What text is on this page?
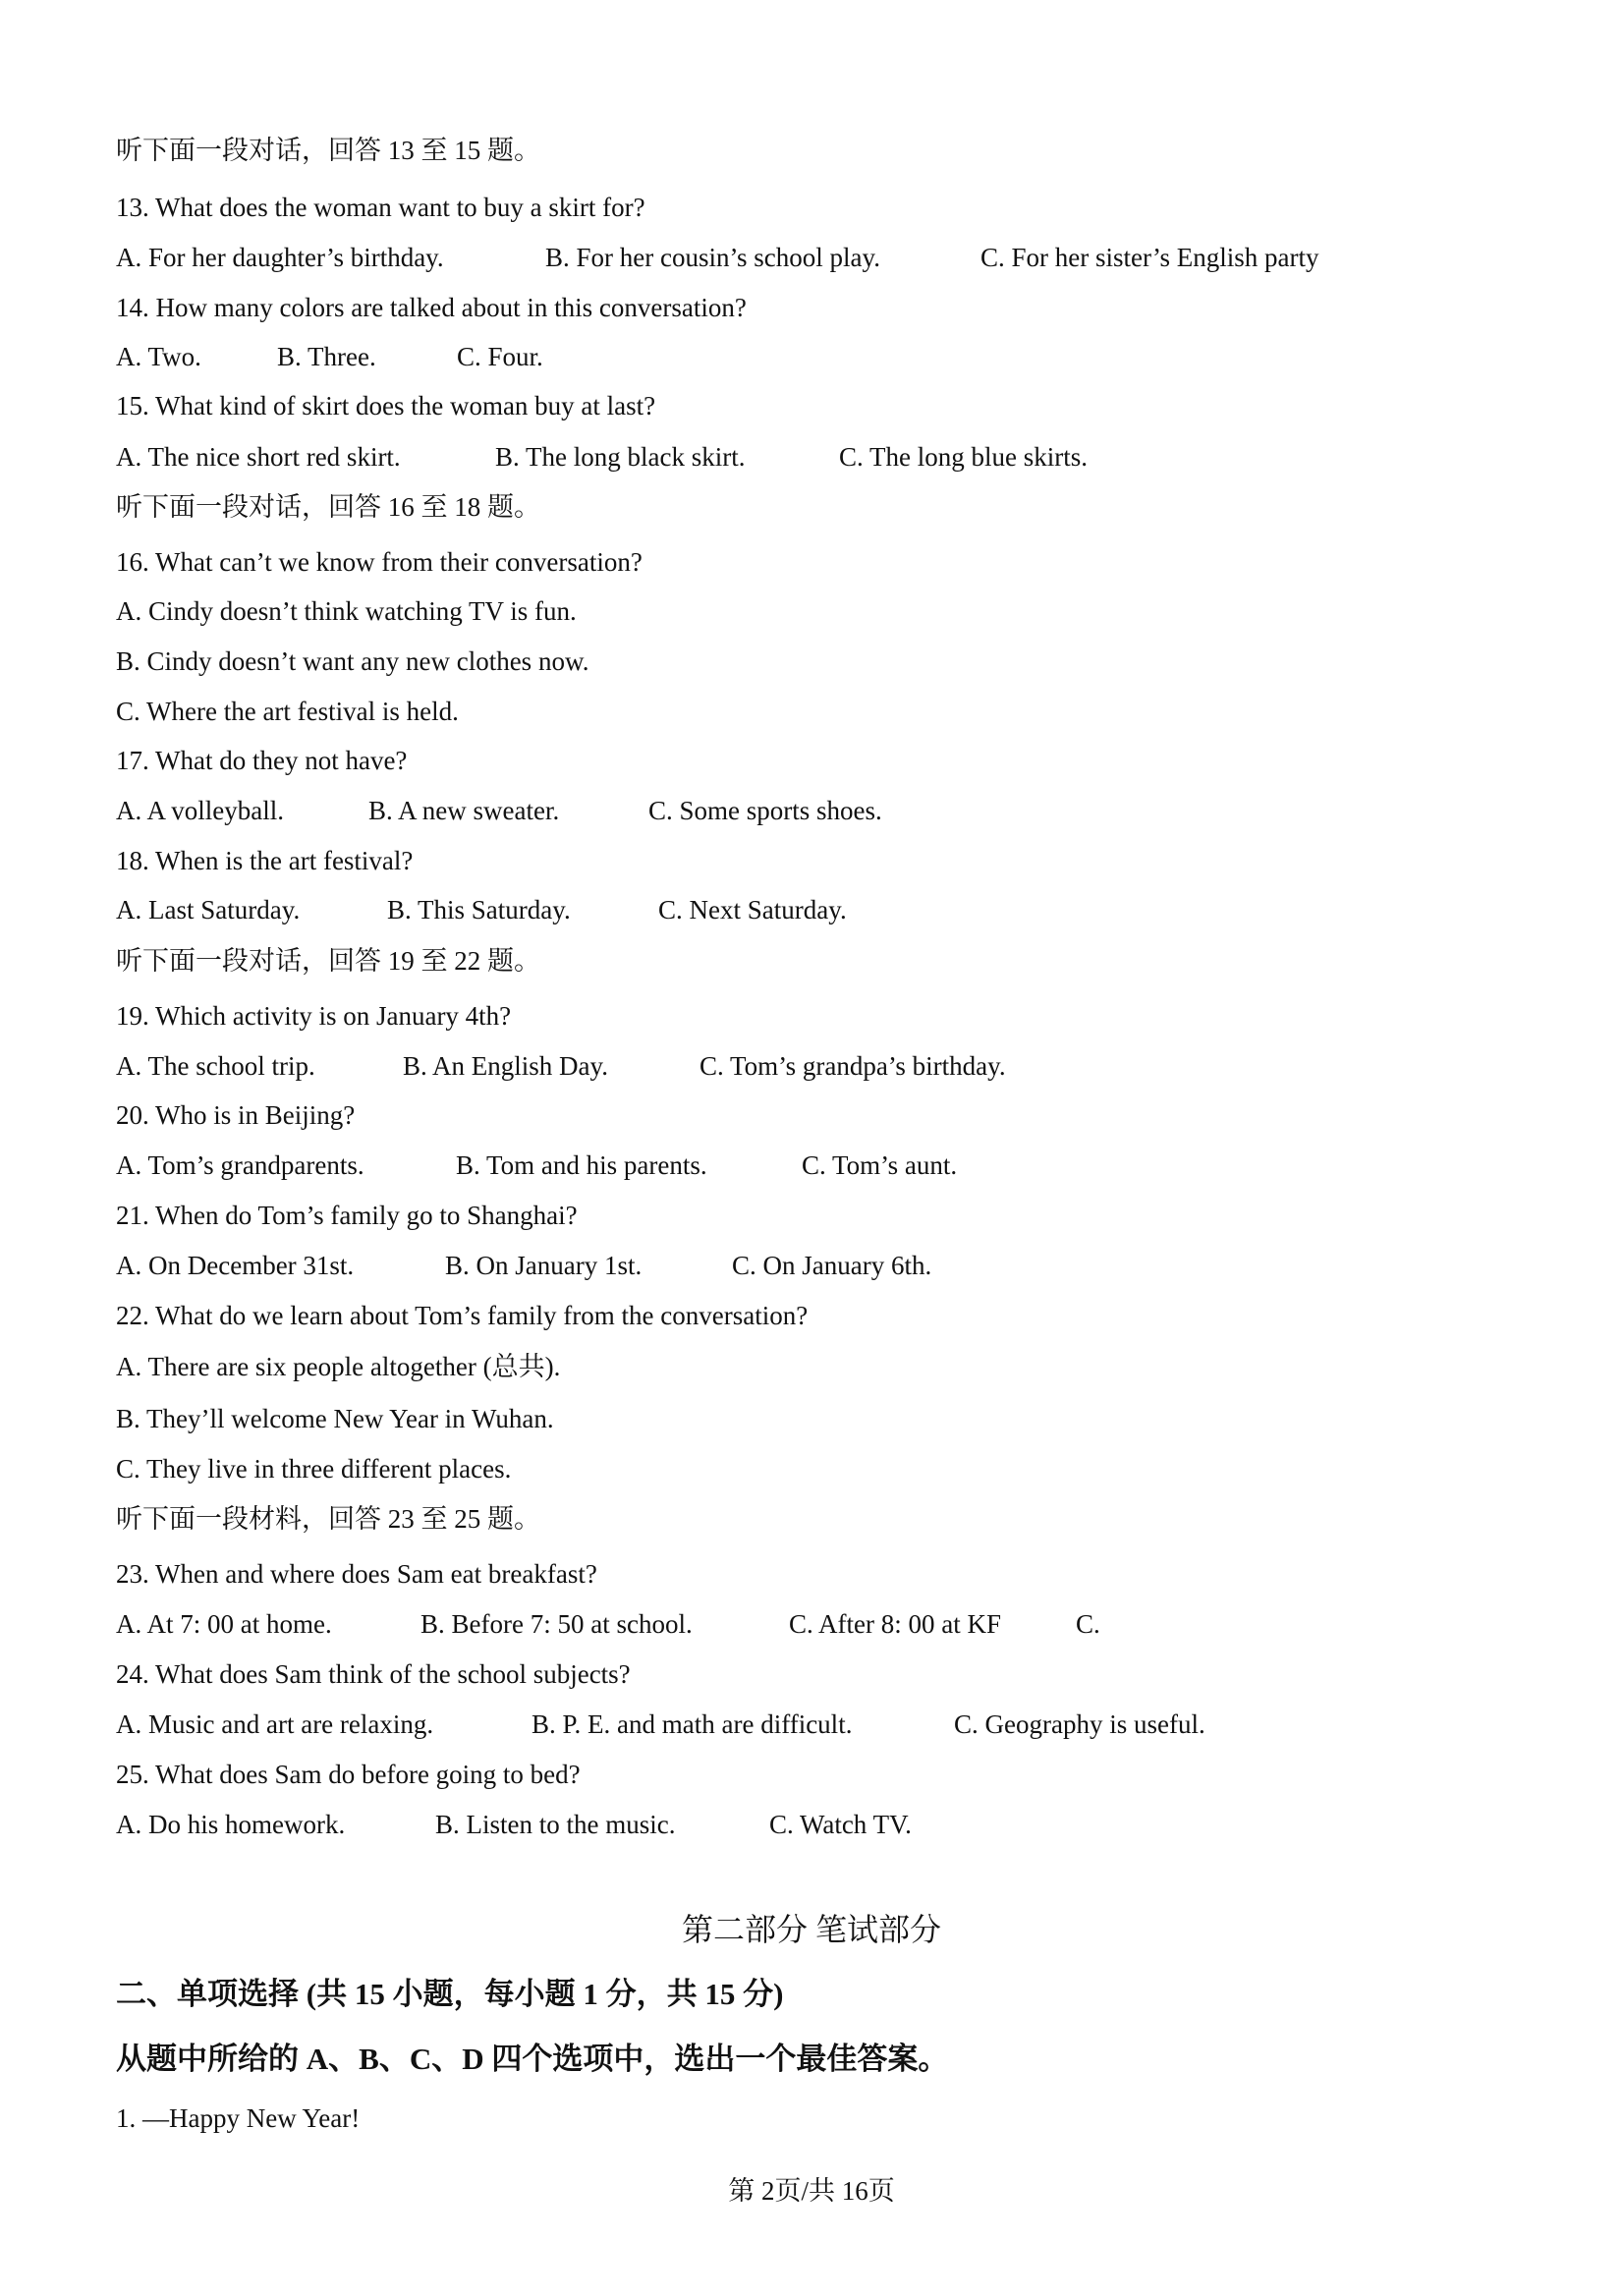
听下面一段对话，回答 13 至 15 题。

13. What does the woman want to buy a skirt for?

A. For her daughter’s birthday.	B. For her cousin’s school play.	C. For her sister’s English party

14. How many colors are talked about in this conversation?

A. Two.	B. Three.	C. Four.

15. What kind of skirt does the woman buy at last?

A. The nice short red skirt.	B. The long black skirt.	C. The long blue skirts.

听下面一段对话，回答 16 至 18 题。

16. What can’t we know from their conversation?

A. Cindy doesn’t think watching TV is fun.

B. Cindy doesn’t want any new clothes now.

C. Where the art festival is held.

17. What do they not have?

A. A volleyball.	B. A new sweater.	C. Some sports shoes.

18. When is the art festival?

A. Last Saturday.	B. This Saturday.	C. Next Saturday.

听下面一段对话，回答 19 至 22 题。

19. Which activity is on January 4th?

A. The school trip.	B. An English Day.	C. Tom’s grandpa’s birthday.

20. Who is in Beijing?

A. Tom’s grandparents.	B. Tom and his parents.	C. Tom’s aunt.

21. When do Tom’s family go to Shanghai?

A. On December 31st.	B. On January 1st.	C. On January 6th.

22. What do we learn about Tom’s family from the conversation?

A. There are six people altogether (总共).

B. They’ll welcome New Year in Wuhan.

C. They live in three different places.

听下面一段材料，回答 23 至 25 题。

23. When and where does Sam eat breakfast?

A. At 7: 00 at home.	B. Before 7: 50 at school.	C. After 8: 00 at KF	C.

24. What does Sam think of the school subjects?

A. Music and art are relaxing.	B. P. E. and math are difficult.	C. Geography is useful.

25. What does Sam do before going to bed?

A. Do his homework.	B. Listen to the music.	C. Watch TV.
第二部分 笔试部分

二、单项选择 (共 15 小题，每小题 1 分，共 15 分)

从题中所给的 A、B、C、D 四个选项中，选出一个最佳答案。

1. —Happy New Year!

第 2页/共 16页
